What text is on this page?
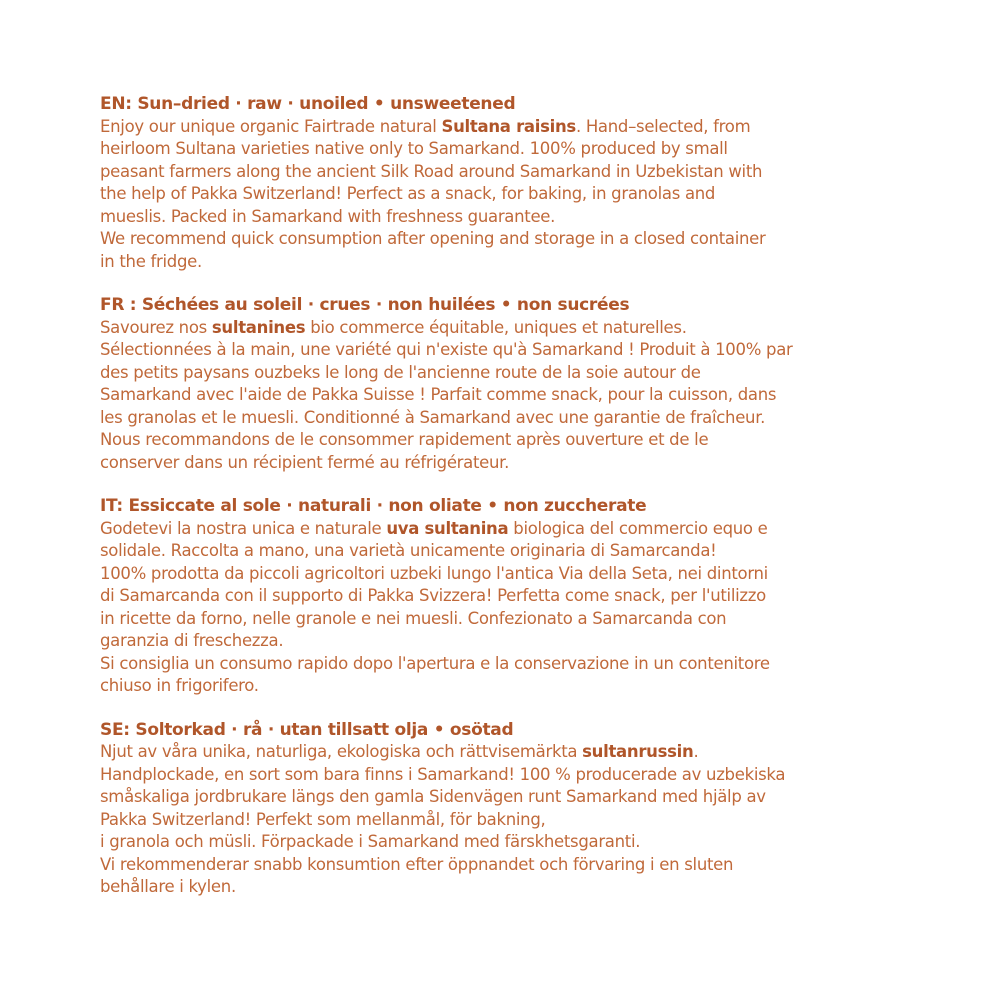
EN: Sun–dried · raw · unoiled • unsweetened

Enjoy our unique organic Fairtrade natural Sultana raisins. Hand–selected, from
heirloom Sultana varieties native only to Samarkand. 100% produced by small
peasant farmers along the ancient Silk Road around Samarkand in Uzbekistan with
the help of Pakka Switzerland! Perfect as a snack, for baking, in granolas and
mueslis. Packed in Samarkand with freshness guarantee.
We recommend quick consumption after opening and storage in a closed container
in the fridge.

FR : Séchées au soleil · crues · non huilées • non sucrées

Savourez nos sultanines bio commerce équitable, uniques et naturelles.
Sélectionnées à la main, une variété qui n'existe qu'à Samarkand ! Produit à 100% par
des petits paysans ouzbeks le long de l'ancienne route de la soie autour de
Samarkand avec l'aide de Pakka Suisse ! Parfait comme snack, pour la cuisson, dans
les granolas et le muesli. Conditionné à Samarkand avec une garantie de fraîcheur.
Nous recommandons de le consommer rapidement après ouverture et de le
conserver dans un récipient fermé au réfrigérateur.

IT: Essiccate al sole · naturali · non oliate • non zuccherate

Godetevi la nostra unica e naturale uva sultanina biologica del commercio equo e
solidale. Raccolta a mano, una varietà unicamente originaria di Samarcanda!
100% prodotta da piccoli agricoltori uzbeki lungo l'antica Via della Seta, nei dintorni
di Samarcanda con il supporto di Pakka Svizzera! Perfetta come snack, per l'utilizzo
in ricette da forno, nelle granole e nei muesli. Confezionato a Samarcanda con
garanzia di freschezza.
Si consiglia un consumo rapido dopo l'apertura e la conservazione in un contenitore
chiuso in frigorifero.

SE: Soltorkad · rå · utan tillsatt olja • osötad

Njut av våra unika, naturliga, ekologiska och rättvisemärkta sultanrussin.
Handplockade, en sort som bara finns i Samarkand! 100 % producerade av uzbekiska
småskaliga jordbrukare längs den gamla Sidenvägen runt Samarkand med hjälp av
Pakka Switzerland! Perfekt som mellanmål, för bakning,
i granola och müsli. Förpackade i Samarkand med färskhetsgaranti.
Vi rekommenderar snabb konsumtion efter öppnandet och förvaring i en sluten
behållare i kylen.
